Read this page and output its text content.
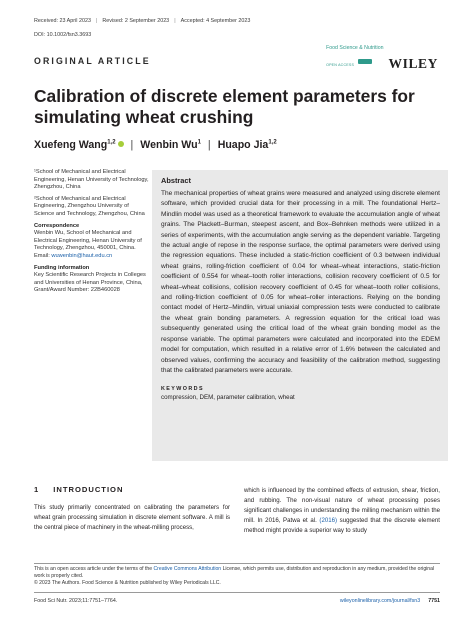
Received: 23 April 2023 | Revised: 2 September 2023 | Accepted: 4 September 2023
DOI: 10.1002/fsn3.3693
ORIGINAL ARTICLE
Food Science & Nutrition
OPEN ACCESS	WILEY
Calibration of discrete element parameters for simulating wheat crushing
Xuefeng Wang$^{1,2}$	| Wenbin Wu$^1$ | Huapo Jia$^{1,2}$

¹School of Mechanical and Electrical Engineering, Henan University of Technology, Zhengzhou, China

²School of Mechanical and Electrical Engineering, Zhengzhou University of Science and Technology, Zhengzhou, China

Correspondence
Wenbin Wu, School of Mechanical and Electrical Engineering, Henan University of Technology, Zhengzhou, 450001, China.
Email: wuwenbin@haut.edu.cn

Funding information
Key Scientific Research Projects in Colleges and Universities of Henan Province, China, Grant/Award Number: 22B460028

Abstract
The mechanical properties of wheat grains were measured and analyzed using discrete element software, which provided crucial data for their processing in a mill. The foundational Hertz–Mindlin model was used as a theoretical framework to evaluate the accumulation angle of wheat grains. The Plackett–Burman, steepest ascent, and Box–Behnken methods were utilized in a series of experiments, with the accumulation angle serving as the dependent variable. Targeting the actual angle of repose in the response surface, the optimal parameters were derived using the regression equations. These included a static-friction coefficient of 0.3 between individual wheat grains, rolling-friction coefficient of 0.04 for wheat–wheat interactions, static-friction coefficient of 0.554 for wheat–tooth roller interactions, collision recovery coefficient of 0.5 for wheat–wheat collisions, collision recovery coefficient of 0.45 for wheat–tooth roller collisions, and rolling-friction coefficient of 0.05 for wheat–roller interactions. Relying on the bonding contact model of Hertz–Mindlin, virtual uniaxial compression tests were conducted to calibrate the wheat grain bonding parameters. A regression equation for the critical load was subsequently generated using the critical load of the wheat grain bonding model as the response variable. The optimal parameters were calculated and incorporated into the EDEM model for computation, which resulted in a relative error of 1.6% between the calculated and observed values, confirming the accuracy and feasibility of the calibration method, suggesting that the calibrated parameters were accurate.
KEYWORDS
compression, DEM, parameter calibration, wheat
1 INTRODUCTION
This study primarily concentrated on calibrating the parameters for wheat grain processing simulation in discrete element software. A mill is the central piece of machinery in the wheat-milling process,
which is influenced by the combined effects of extrusion, shear, friction, and rubbing. The non-visual nature of wheat processing poses significant challenges in understanding the milling mechanism within the mill. In 2016, Patwa et al. (2016) suggested that the discrete element method might provide a superior way to study
This is an open access article under the terms of the Creative Commons Attribution License, which permits use, distribution and reproduction in any medium, provided the original work is properly cited.
© 2023 The Authors. Food Science & Nutrition published by Wiley Periodicals LLC.
Food Sci Nutr. 2023;11:7751–7764.	wileyonlinelibrary.com/journal/fsn3 7751
